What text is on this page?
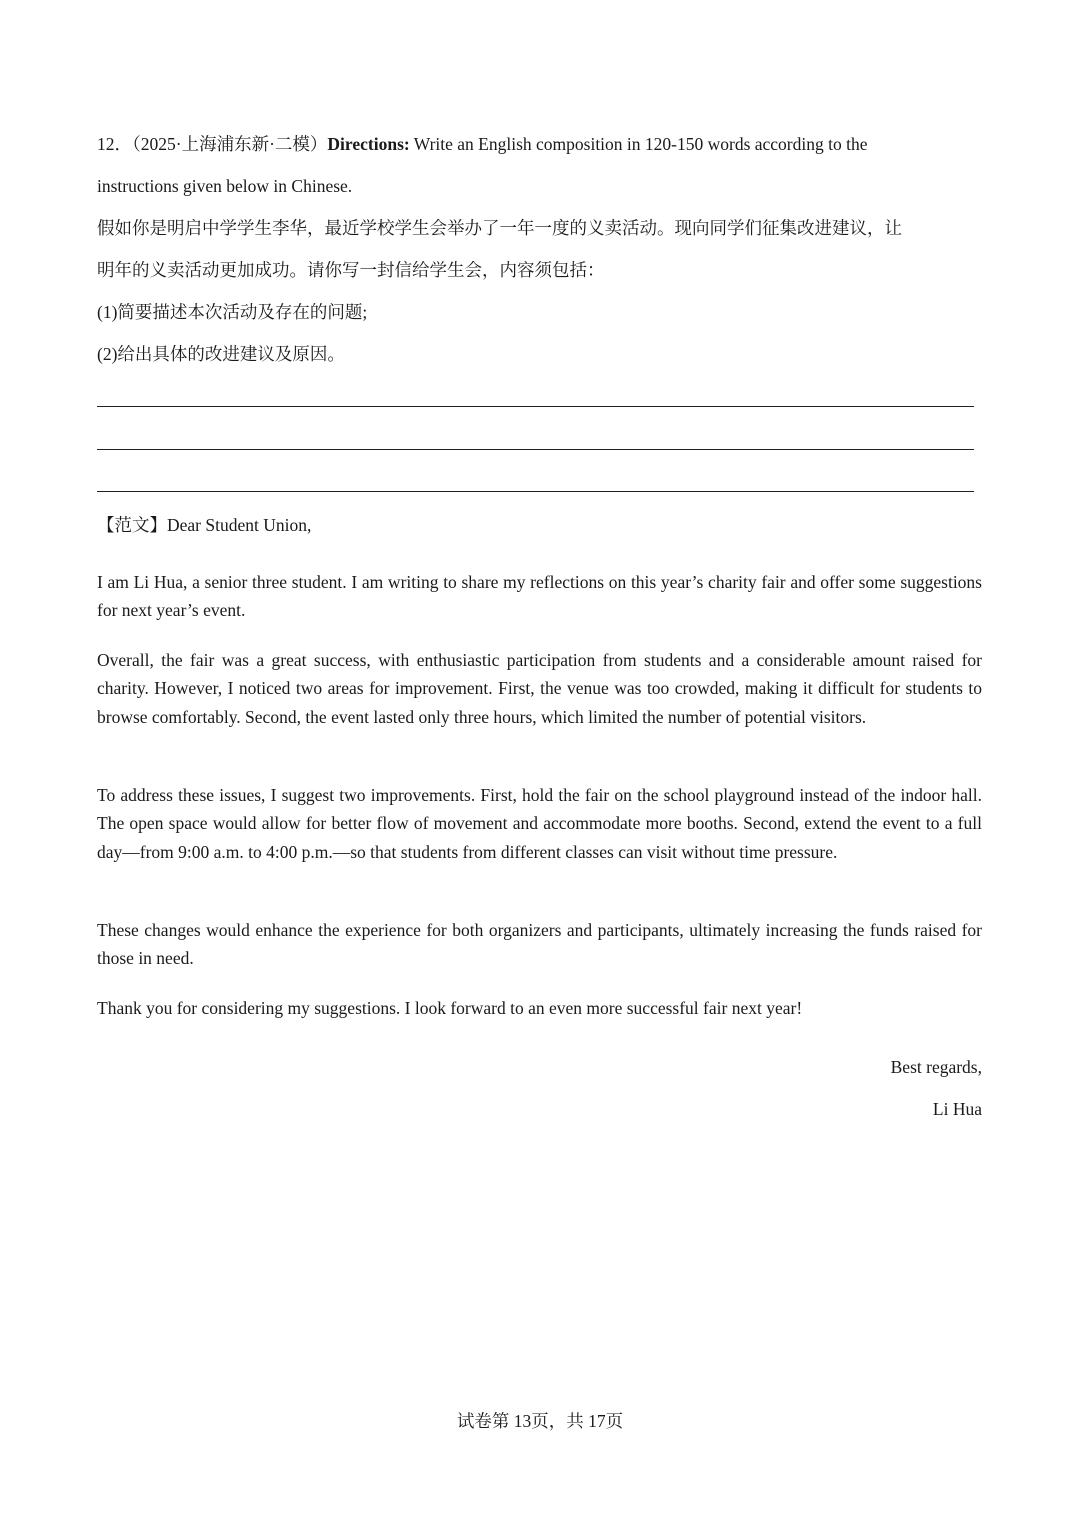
12．（2025·上海浦东新·二模）Directions: Write an English composition in 120-150 words according to the
instructions given below in Chinese.
假如你是明启中学学生李华，最近学校学生会举办了一年一度的义卖活动。现向同学们征集改进建议，让
明年的义卖活动更加成功。请你写一封信给学生会，内容须包括：
(1)简要描述本次活动及存在的问题;
(2)给出具体的改进建议及原因。
【范文】Dear Student Union,

I am Li Hua, a senior three student. I am writing to share my reflections on this year’s charity fair and offer some suggestions for next year’s event.

Overall, the fair was a great success, with enthusiastic participation from students and a considerable amount raised for charity. However, I noticed two areas for improvement. First, the venue was too crowded, making it difficult for students to browse comfortably. Second, the event lasted only three hours, which limited the number of potential visitors.

To address these issues, I suggest two improvements. First, hold the fair on the school playground instead of the indoor hall. The open space would allow for better flow of movement and accommodate more booths. Second, extend the event to a full day—from 9:00 a.m. to 4:00 p.m.—so that students from different classes can visit without time pressure.

These changes would enhance the experience for both organizers and participants, ultimately increasing the funds raised for those in need.

Thank you for considering my suggestions. I look forward to an even more successful fair next year!

Best regards,
Li Hua
试卷第 13页，共 17页
